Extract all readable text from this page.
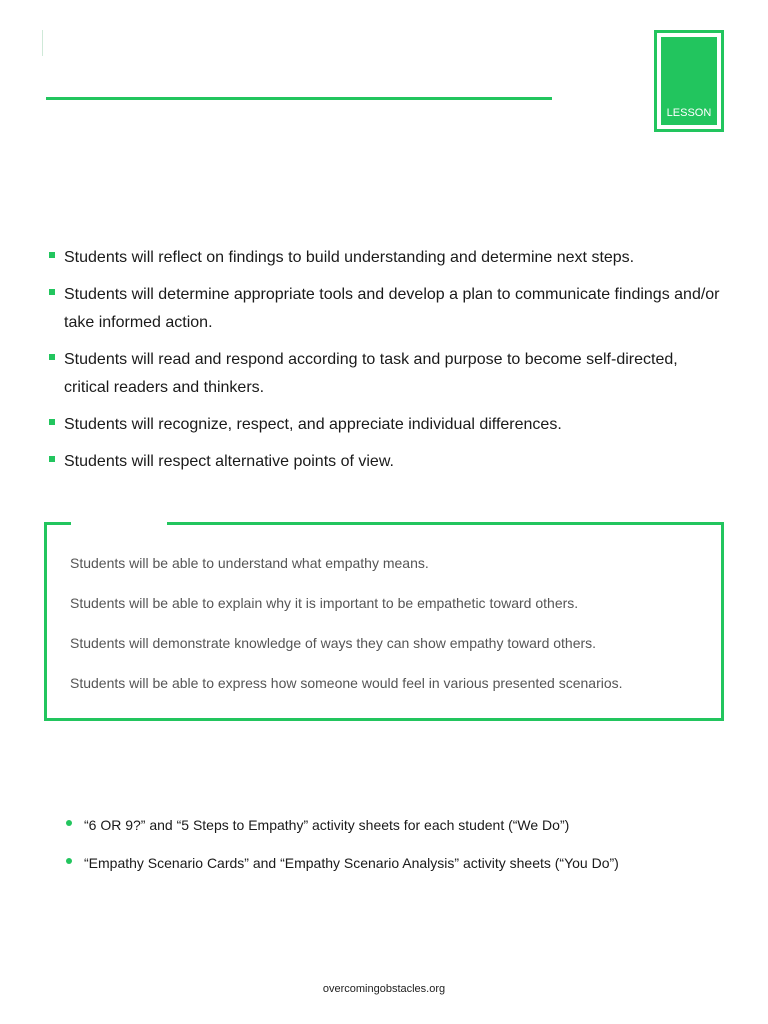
LESSON
Students will reflect on findings to build understanding and determine next steps.
Students will determine appropriate tools and develop a plan to communicate findings and/or take informed action.
Students will read and respond according to task and purpose to become self-directed, critical readers and thinkers.
Students will recognize, respect, and appreciate individual differences.
Students will respect alternative points of view.
Students will be able to understand what empathy means.
Students will be able to explain why it is important to be empathetic toward others.
Students will demonstrate knowledge of ways they can show empathy toward others.
Students will be able to express how someone would feel in various presented scenarios.
“6 OR 9?” and “5 Steps to Empathy” activity sheets for each student (“We Do”)
“Empathy Scenario Cards” and “Empathy Scenario Analysis” activity sheets (“You Do”)
overcomingobstacles.org
